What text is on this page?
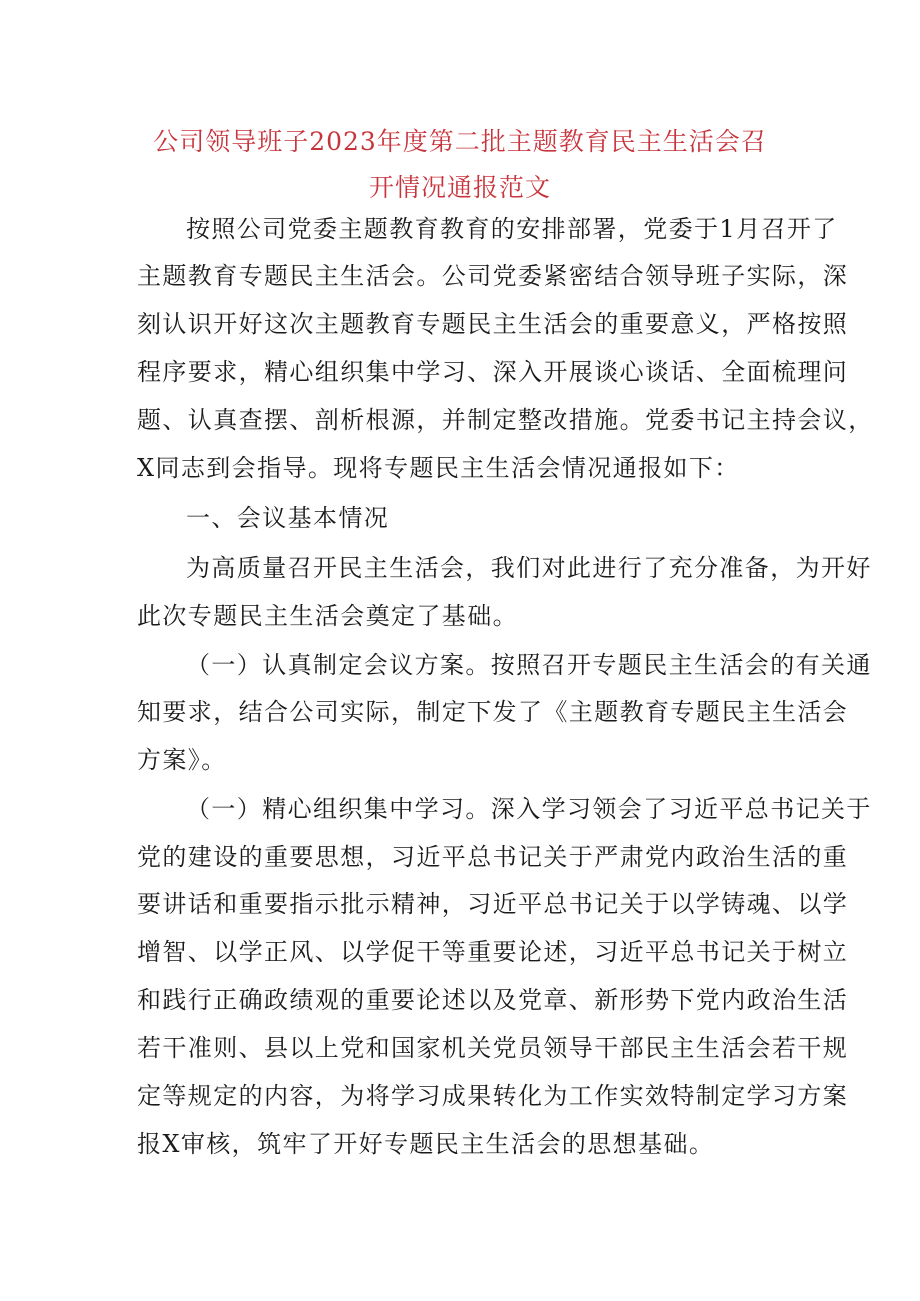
公司领导班子2023年度第二批主题教育民主生活会召
开情况通报范文
按照公司党委主题教育教育的安排部署，党委于1月召开了
主题教育专题民主生活会。公司党委紧密结合领导班子实际，深
刻认识开好这次主题教育专题民主生活会的重要意义，严格按照
程序要求，精心组织集中学习、深入开展谈心谈话、全面梳理问
题、认真查摆、剖析根源，并制定整改措施。党委书记主持会议，
X同志到会指导。现将专题民主生活会情况通报如下：
一、会议基本情况
为高质量召开民主生活会，我们对此进行了充分准备，为开好
此次专题民主生活会奠定了基础。
（一）认真制定会议方案。按照召开专题民主生活会的有关通
知要求，结合公司实际，制定下发了《主题教育专题民主生活会
方案》。
（一）精心组织集中学习。深入学习领会了习近平总书记关于
党的建设的重要思想，习近平总书记关于严肃党内政治生活的重
要讲话和重要指示批示精神，习近平总书记关于以学铸魂、以学
增智、以学正风、以学促干等重要论述，习近平总书记关于树立
和践行正确政绩观的重要论述以及党章、新形势下党内政治生活
若干准则、县以上党和国家机关党员领导干部民主生活会若干规
定等规定的内容，为将学习成果转化为工作实效特制定学习方案
报X审核，筑牢了开好专题民主生活会的思想基础。
